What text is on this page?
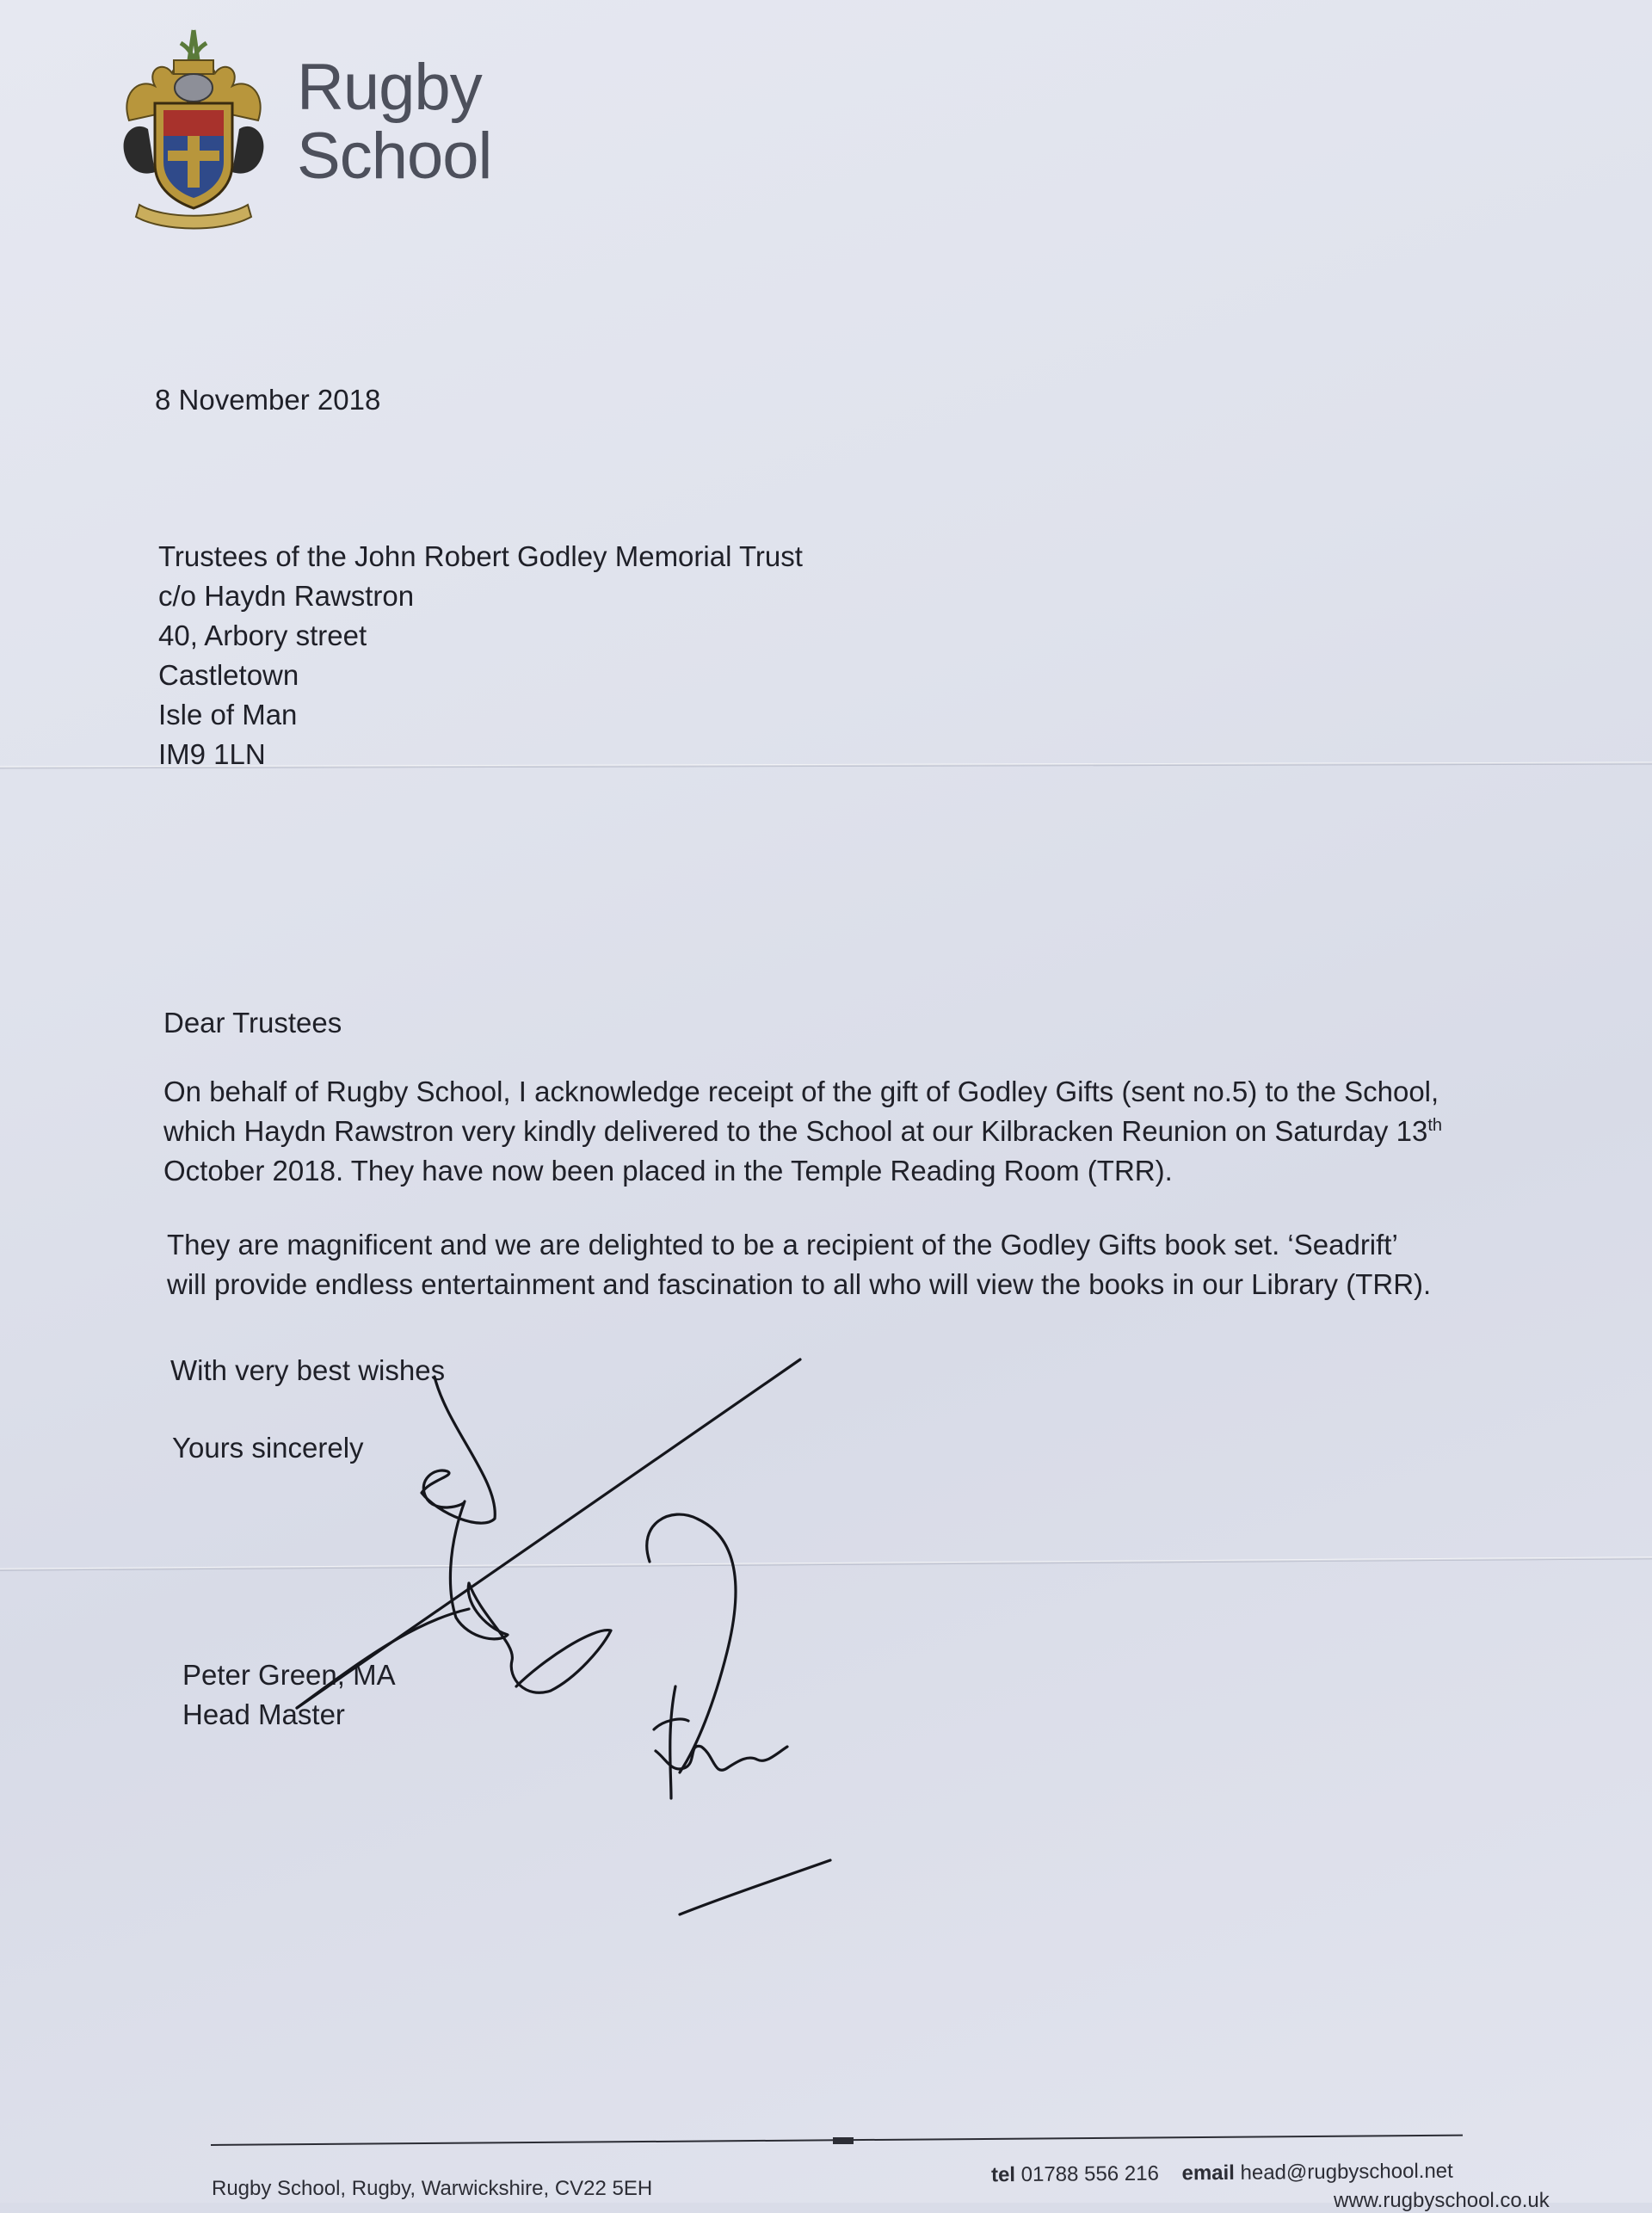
Rugby
School
8 November 2018
Trustees of the John Robert Godley Memorial Trust
c/o Haydn Rawstron
40, Arbory street
Castletown
Isle of Man
IM9 1LN
Dear Trustees
On behalf of Rugby School, I acknowledge receipt of the gift of Godley Gifts (sent no.5) to the School,
which Haydn Rawstron very kindly delivered to the School at our Kilbracken Reunion on Saturday 13th
October 2018. They have now been placed in the Temple Reading Room (TRR).
They are magnificent and we are delighted to be a recipient of the Godley Gifts book set. ‘Seadrift’
will provide endless entertainment and fascination to all who will view the books in our Library (TRR).
With very best wishes
Yours sincerely
Peter Green, MA
Head Master
Rugby School, Rugby, Warwickshire, CV22 5EH
tel 01788 556 216 email head@rugbyschool.net
www.rugbyschool.co.uk
